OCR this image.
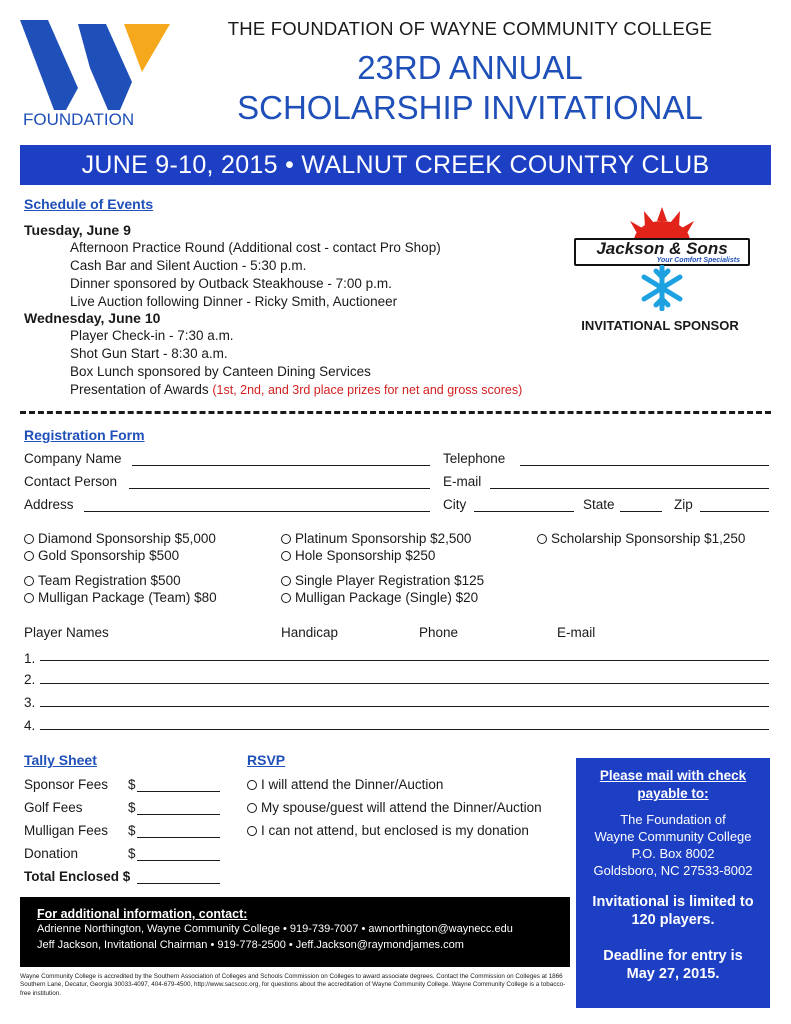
FOUNDATION
THE FOUNDATION OF WAYNE COMMUNITY COLLEGE
23RD ANNUAL
SCHOLARSHIP INVITATIONAL
JUNE 9-10, 2015 • WALNUT CREEK COUNTRY CLUB
Schedule of Events
Tuesday, June 9
Afternoon Practice Round (Additional cost - contact Pro Shop)
Cash Bar and Silent Auction - 5:30 p.m.
Dinner sponsored by Outback Steakhouse - 7:00 p.m.
Live Auction following Dinner - Ricky Smith, Auctioneer
Wednesday, June 10
Player Check-in - 7:30 a.m.
Shot Gun Start - 8:30 a.m.
Box Lunch sponsored by Canteen Dining Services
Presentation of Awards (1st, 2nd, and 3rd place prizes for net and gross scores)
Jackson & Sons
Your Comfort Specialists
INVITATIONAL SPONSOR
Registration Form
Company Name	Telephone
Contact Person	E-mail
Address	City	State	Zip
Diamond Sponsorship $5,000	Platinum Sponsorship $2,500	Scholarship Sponsorship $1,250
Gold Sponsorship $500	Hole Sponsorship $250
Team Registration $500	Single Player Registration $125
Mulligan Package (Team) $80	Mulligan Package (Single) $20
Player Names	Handicap	Phone	E-mail
1.
2.
3.
4.
Tally Sheet
Sponsor Fees $
Golf Fees	$
Mulligan Fees $
Donation	$
Total Enclosed $
RSVP
I will attend the Dinner/Auction
My spouse/guest will attend the Dinner/Auction
I can not attend, but enclosed is my donation
For additional information, contact:
Adrienne Northington, Wayne Community College • 919-739-7007 • awnorthington@waynecc.edu
Jeff Jackson, Invitational Chairman • 919-778-2500 • Jeff.Jackson@raymondjames.com
Wayne Community College is accredited by the Southern Association of Colleges and Schools Commission on Colleges to award associate degrees. Contact the Commission on Colleges at 1866 Southern Lane, Decatur, Georgia 30033-4097, 404-679-4500, http://www.sacscoc.org, for questions about the accreditation of Wayne Community College. Wayne Community College is a tobacco-free institution.
Please mail with check
payable to:
The Foundation of
Wayne Community College
P.O. Box 8002
Goldsboro, NC 27533-8002
Invitational is limited to
120 players.
Deadline for entry is
May 27, 2015.
